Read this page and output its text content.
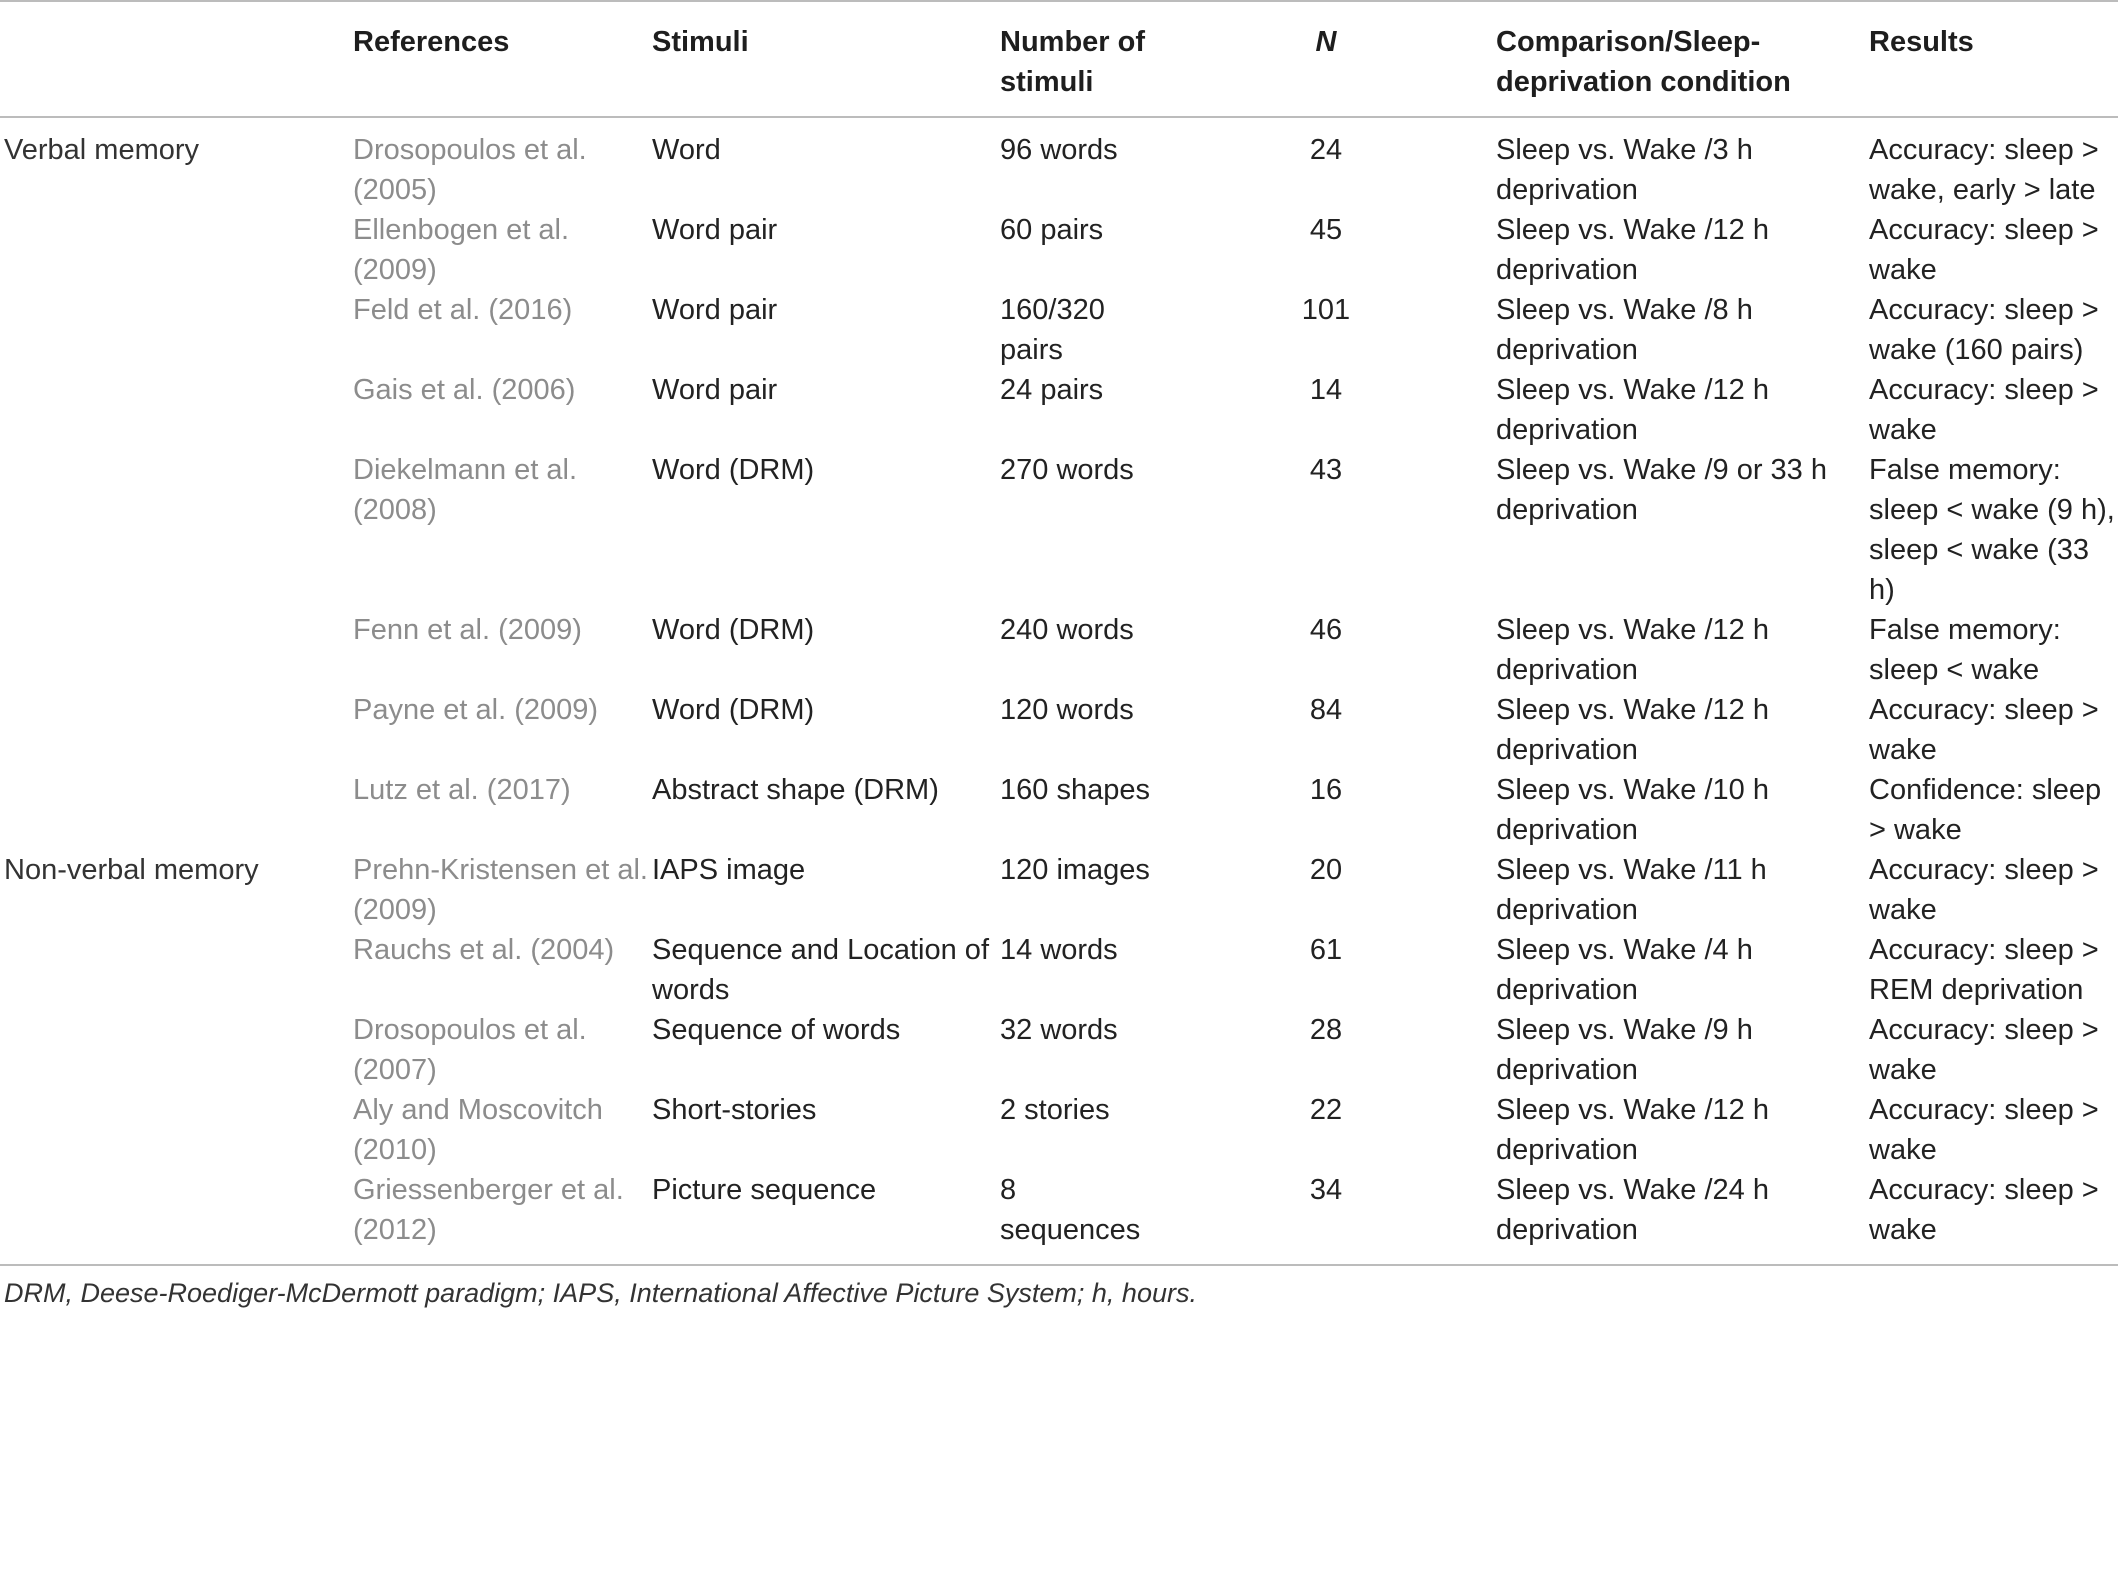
	References	Stimuli	Number of stimuli	N	Comparison/Sleep-deprivation condition	Results
Verbal memory	Drosopoulos et al. (2005)	Word	96 words	24	Sleep vs. Wake /3 h deprivation	Accuracy: sleep > wake, early > late
	Ellenbogen et al. (2009)	Word pair	60 pairs	45	Sleep vs. Wake /12 h deprivation	Accuracy: sleep > wake
	Feld et al. (2016)	Word pair	160/320 pairs	101	Sleep vs. Wake /8 h deprivation	Accuracy: sleep > wake (160 pairs)
	Gais et al. (2006)	Word pair	24 pairs	14	Sleep vs. Wake /12 h deprivation	Accuracy: sleep > wake
	Diekelmann et al. (2008)	Word (DRM)	270 words	43	Sleep vs. Wake /9 or 33 h deprivation	False memory: sleep < wake (9 h), sleep < wake (33 h)
	Fenn et al. (2009)	Word (DRM)	240 words	46	Sleep vs. Wake /12 h deprivation	False memory: sleep < wake
	Payne et al. (2009)	Word (DRM)	120 words	84	Sleep vs. Wake /12 h deprivation	Accuracy: sleep > wake
	Lutz et al. (2017)	Abstract shape (DRM)	160 shapes	16	Sleep vs. Wake /10 h deprivation	Confidence: sleep > wake
Non-verbal memory	Prehn-Kristensen et al. (2009)	IAPS image	120 images	20	Sleep vs. Wake /11 h deprivation	Accuracy: sleep > wake
	Rauchs et al. (2004)	Sequence and Location of words	14 words	61	Sleep vs. Wake /4 h deprivation	Accuracy: sleep > REM deprivation
	Drosopoulos et al. (2007)	Sequence of words	32 words	28	Sleep vs. Wake /9 h deprivation	Accuracy: sleep > wake
	Aly and Moscovitch (2010)	Short-stories	2 stories	22	Sleep vs. Wake /12 h deprivation	Accuracy: sleep > wake
	Griessenberger et al. (2012)	Picture sequence	8 sequences	34	Sleep vs. Wake /24 h deprivation	Accuracy: sleep > wake
DRM, Deese-Roediger-McDermott paradigm; IAPS, International Affective Picture System; h, hours.						
